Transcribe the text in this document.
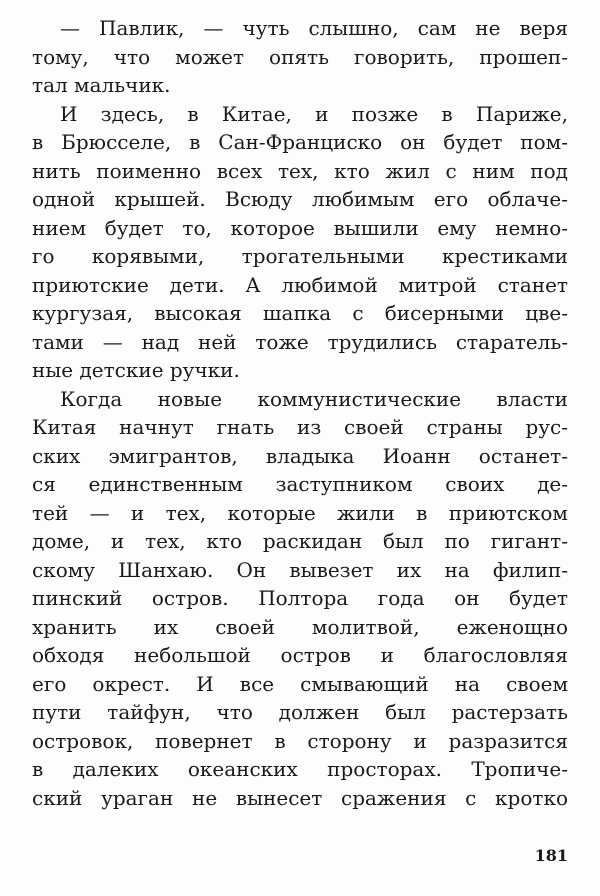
— Павлик, — чуть слышно, сам не веря
тому, что может опять говорить, прошеп-
тал мальчик.
И здесь, в Китае, и позже в Париже,
в Брюсселе, в Сан-Франциско он будет пом-
нить поименно всех тех, кто жил с ним под
одной крышей. Всюду любимым его облаче-
нием будет то, которое вышили ему немно-
го корявыми, трогательными крестиками
приютские дети. А любимой митрой станет
кургузая, высокая шапка с бисерными цве-
тами — над ней тоже трудились старатель-
ные детские ручки.
Когда новые коммунистические власти
Китая начнут гнать из своей страны рус-
ских эмигрантов, владыка Иоанн останет-
ся единственным заступником своих де-
тей — и тех, которые жили в приютском
доме, и тех, кто раскидан был по гигант-
скому Шанхаю. Он вывезет их на филип-
пинский остров. Полтора года он будет
хранить их своей молитвой, еженощно
обходя небольшой остров и благословляя
его окрест. И все смывающий на своем
пути тайфун, что должен был растерзать
островок, повернет в сторону и разразится
в далеких океанских просторах. Тропиче-
ский ураган не вынесет сражения с кротко
181
